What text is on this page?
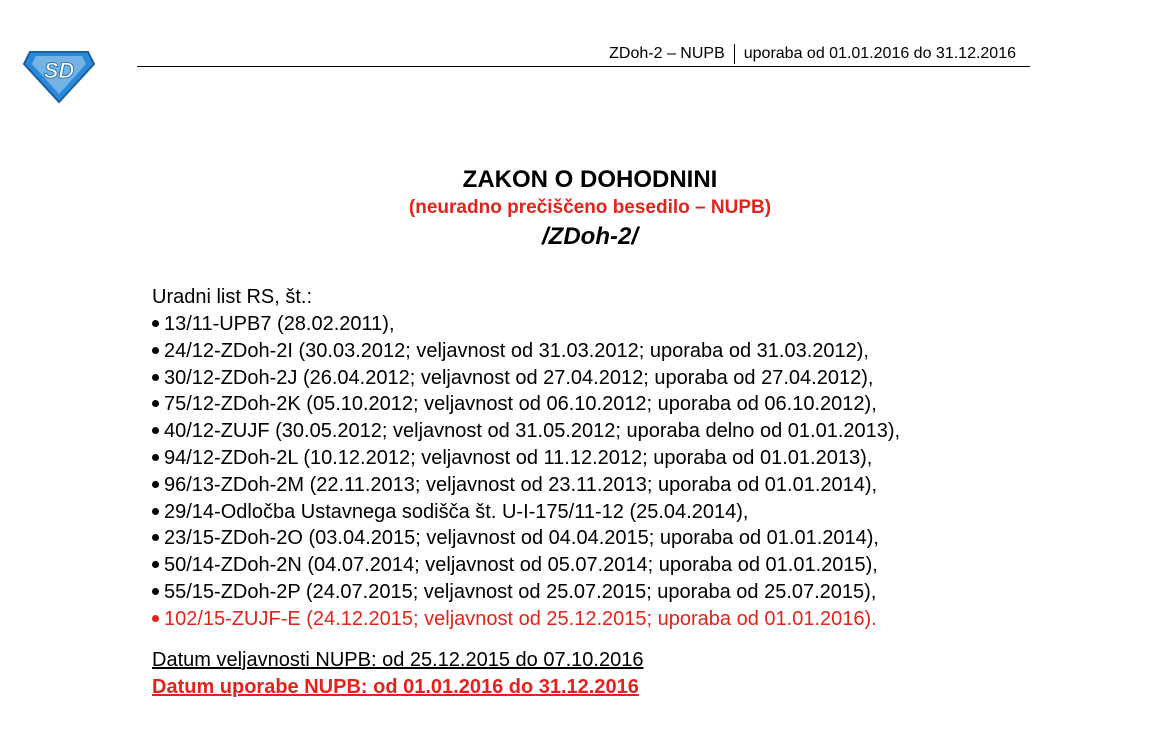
SD
ZDoh-2 – NUPB uporaba od 01.01.2016 do 31.12.2016
ZAKON O DOHODNINI
(neuradno prečiščeno besedilo – NUPB)
/ZDoh-2/
Uradni list RS, št.:
13/11-UPB7 (28.02.2011),
24/12-ZDoh-2I (30.03.2012; veljavnost od 31.03.2012; uporaba od 31.03.2012),
30/12-ZDoh-2J (26.04.2012; veljavnost od 27.04.2012; uporaba od 27.04.2012),
75/12-ZDoh-2K (05.10.2012; veljavnost od 06.10.2012; uporaba od 06.10.2012),
40/12-ZUJF (30.05.2012; veljavnost od 31.05.2012; uporaba delno od 01.01.2013),
94/12-ZDoh-2L (10.12.2012; veljavnost od 11.12.2012; uporaba od 01.01.2013),
96/13-ZDoh-2M (22.11.2013; veljavnost od 23.11.2013; uporaba od 01.01.2014),
29/14-Odločba Ustavnega sodišča št. U-I-175/11-12 (25.04.2014),
23/15-ZDoh-2O (03.04.2015; veljavnost od 04.04.2015; uporaba od 01.01.2014),
50/14-ZDoh-2N (04.07.2014; veljavnost od 05.07.2014; uporaba od 01.01.2015),
55/15-ZDoh-2P (24.07.2015; veljavnost od 25.07.2015; uporaba od 25.07.2015),
102/15-ZUJF-E (24.12.2015; veljavnost od 25.12.2015; uporaba od 01.01.2016).
Datum veljavnosti NUPB: od 25.12.2015 do 07.10.2016
Datum uporabe NUPB: od 01.01.2016 do 31.12.2016
